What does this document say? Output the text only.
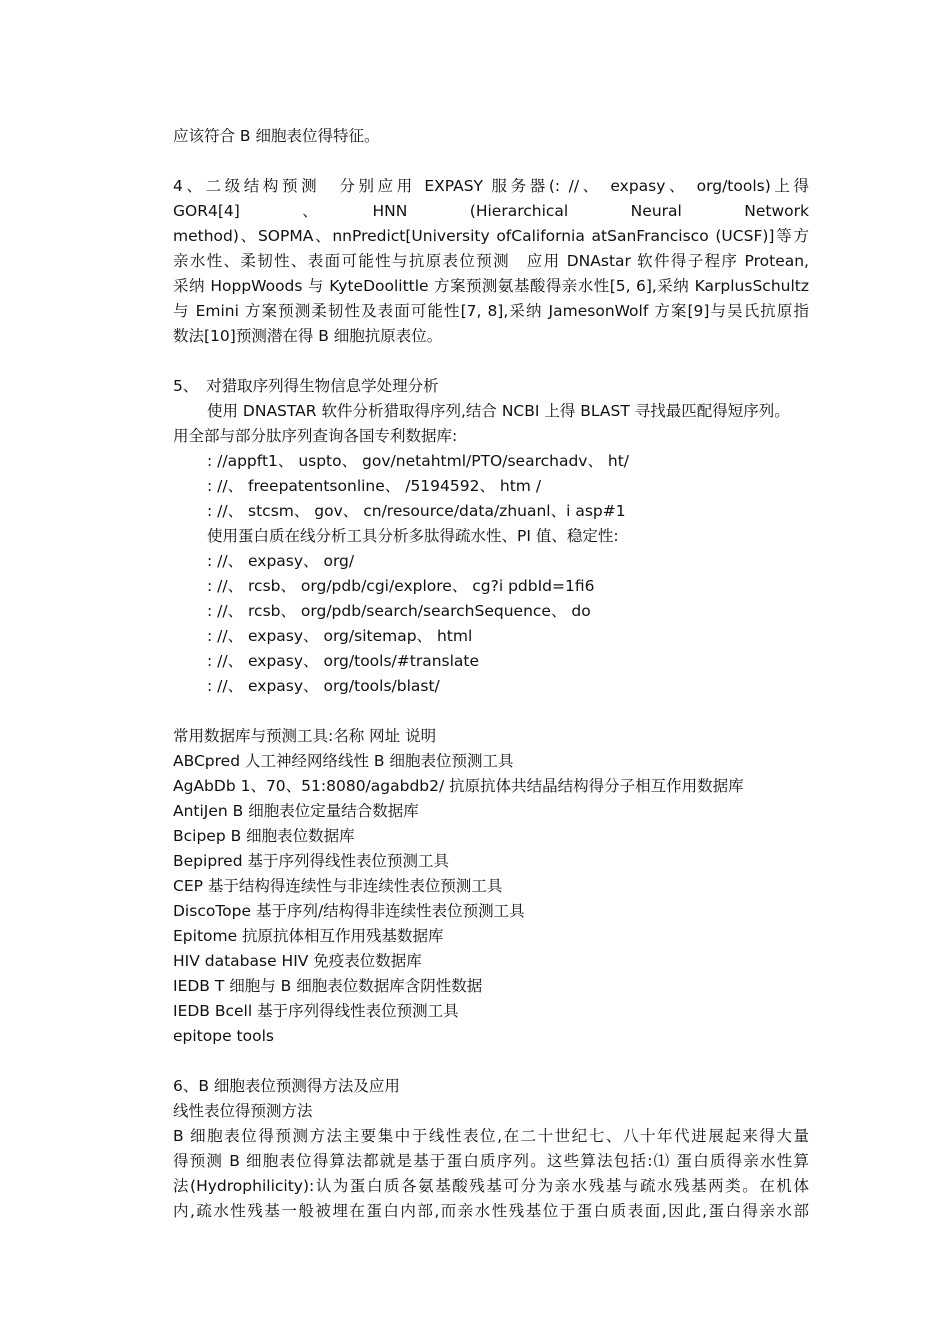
应该符合 B 细胞表位得特征。
4、二级结构预测　分别应用 EXPASY 服务器(: //、 expasy、 org/tools)上得
GOR4[4]　、　HNN　(Hierarchical　Neural　Network
method)、SOPMA、nnPredict[University ofCalifornia atSanFrancisco (UCSF)]等方
亲水性、柔韧性、表面可能性与抗原表位预测　应用 DNAstar 软件得子程序 Protean,
采纳 HoppWoods 与 KyteDoolittle 方案预测氨基酸得亲水性[5, 6],采纳 KarplusSchultz
与 Emini 方案预测柔韧性及表面可能性[7, 8],采纳 JamesonWolf 方案[9]与吴氏抗原指
数法[10]预测潜在得 B 细胞抗原表位。
5、　对猎取序列得生物信息学处理分析
使用 DNASTAR 软件分析猎取得序列,结合 NCBI 上得 BLAST 寻找最匹配得短序列。
用全部与部分肽序列查询各国专利数据库:
: //appft1、 uspto、 gov/netahtml/PTO/searchadv、 ht/
: //、 freepatentsonline、 /5194592、 htm /
: //、 stcsm、 gov、 cn/resource/data/zhuanl、i asp#1
使用蛋白质在线分析工具分析多肽得疏水性、PI 值、稳定性:
: //、 expasy、 org/
: //、 rcsb、 org/pdb/cgi/explore、 cg?i pdbId=1fi6
: //、 rcsb、 org/pdb/search/searchSequence、 do
: //、 expasy、 org/sitemap、 html
: //、 expasy、 org/tools/#translate
: //、 expasy、 org/tools/blast/
常用数据库与预测工具:名称 网址 说明
ABCpred 人工神经网络线性 B 细胞表位预测工具
AgAbDb 1、70、51:8080/agabdb2/ 抗原抗体共结晶结构得分子相互作用数据库
AntiJen B 细胞表位定量结合数据库
Bcipep B 细胞表位数据库
Bepipred 基于序列得线性表位预测工具
CEP 基于结构得连续性与非连续性表位预测工具
DiscoTope 基于序列/结构得非连续性表位预测工具
Epitome 抗原抗体相互作用残基数据库
HIV database HIV 免疫表位数据库
IEDB T 细胞与 B 细胞表位数据库含阴性数据
IEDB Bcell 基于序列得线性表位预测工具
epitope tools
6、B 细胞表位预测得方法及应用
线性表位得预测方法
B 细胞表位得预测方法主要集中于线性表位,在二十世纪七、八十年代进展起来得大量
得预测 B 细胞表位得算法都就是基于蛋白质序列。这些算法包括:⑴ 蛋白质得亲水性算
法(Hydrophilicity):认为蛋白质各氨基酸残基可分为亲水残基与疏水残基两类。在机体
内,疏水性残基一般被埋在蛋白内部,而亲水性残基位于蛋白质表面,因此,蛋白得亲水部
